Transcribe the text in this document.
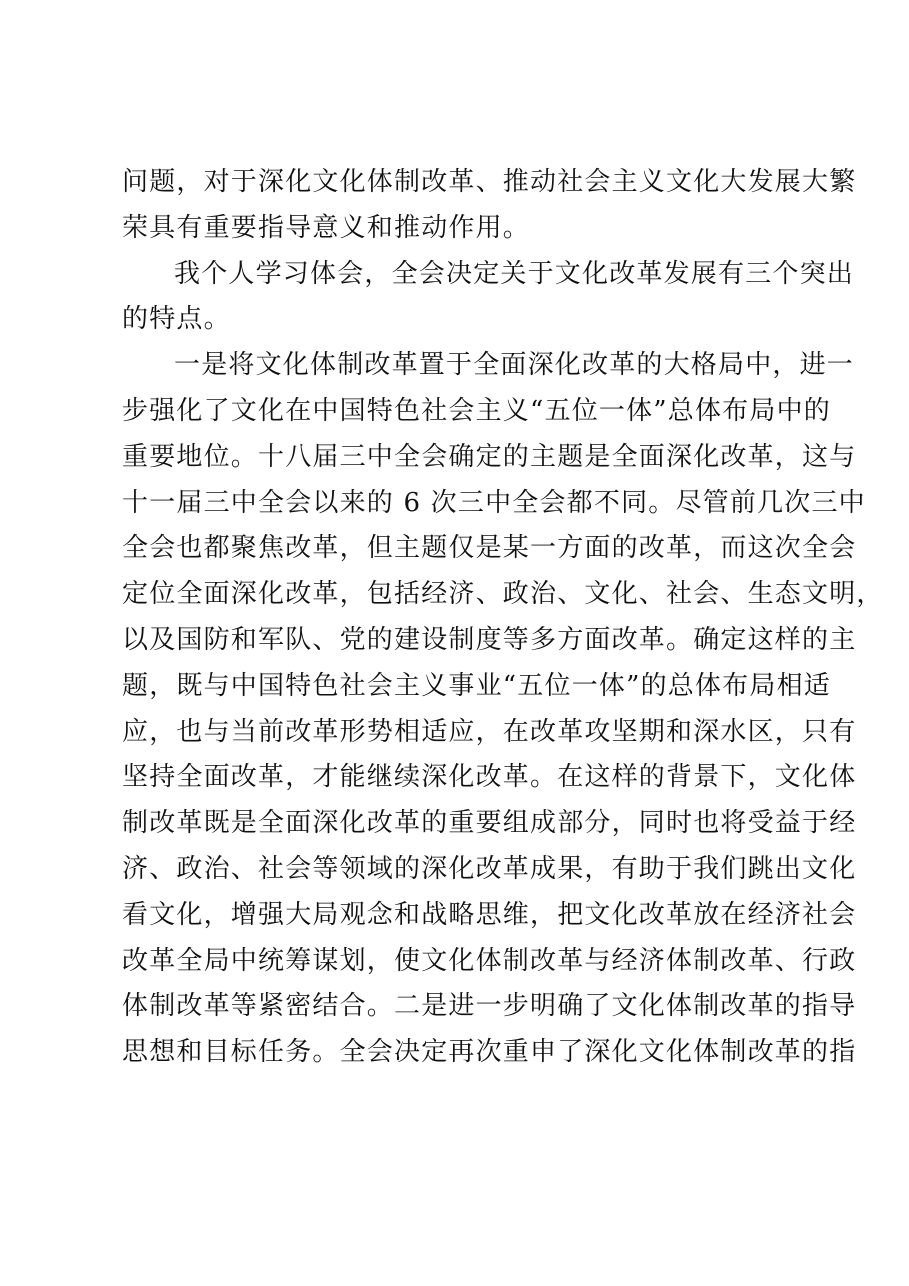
问题，对于深化文化体制改革、推动社会主义文化大发展大繁
荣具有重要指导意义和推动作用。
我个人学习体会，全会决定关于文化改革发展有三个突出
的特点。
一是将文化体制改革置于全面深化改革的大格局中，进一
步强化了文化在中国特色社会主义“五位一体”总体布局中的
重要地位。十八届三中全会确定的主题是全面深化改革，这与
十一届三中全会以来的 6 次三中全会都不同。尽管前几次三中
全会也都聚焦改革，但主题仅是某一方面的改革，而这次全会
定位全面深化改革，包括经济、政治、文化、社会、生态文明，
以及国防和军队、党的建设制度等多方面改革。确定这样的主
题，既与中国特色社会主义事业“五位一体”的总体布局相适
应，也与当前改革形势相适应，在改革攻坚期和深水区，只有
坚持全面改革，才能继续深化改革。在这样的背景下，文化体
制改革既是全面深化改革的重要组成部分，同时也将受益于经
济、政治、社会等领域的深化改革成果，有助于我们跳出文化
看文化，增强大局观念和战略思维，把文化改革放在经济社会
改革全局中统筹谋划，使文化体制改革与经济体制改革、行政
体制改革等紧密结合。二是进一步明确了文化体制改革的指导
思想和目标任务。全会决定再次重申了深化文化体制改革的指
